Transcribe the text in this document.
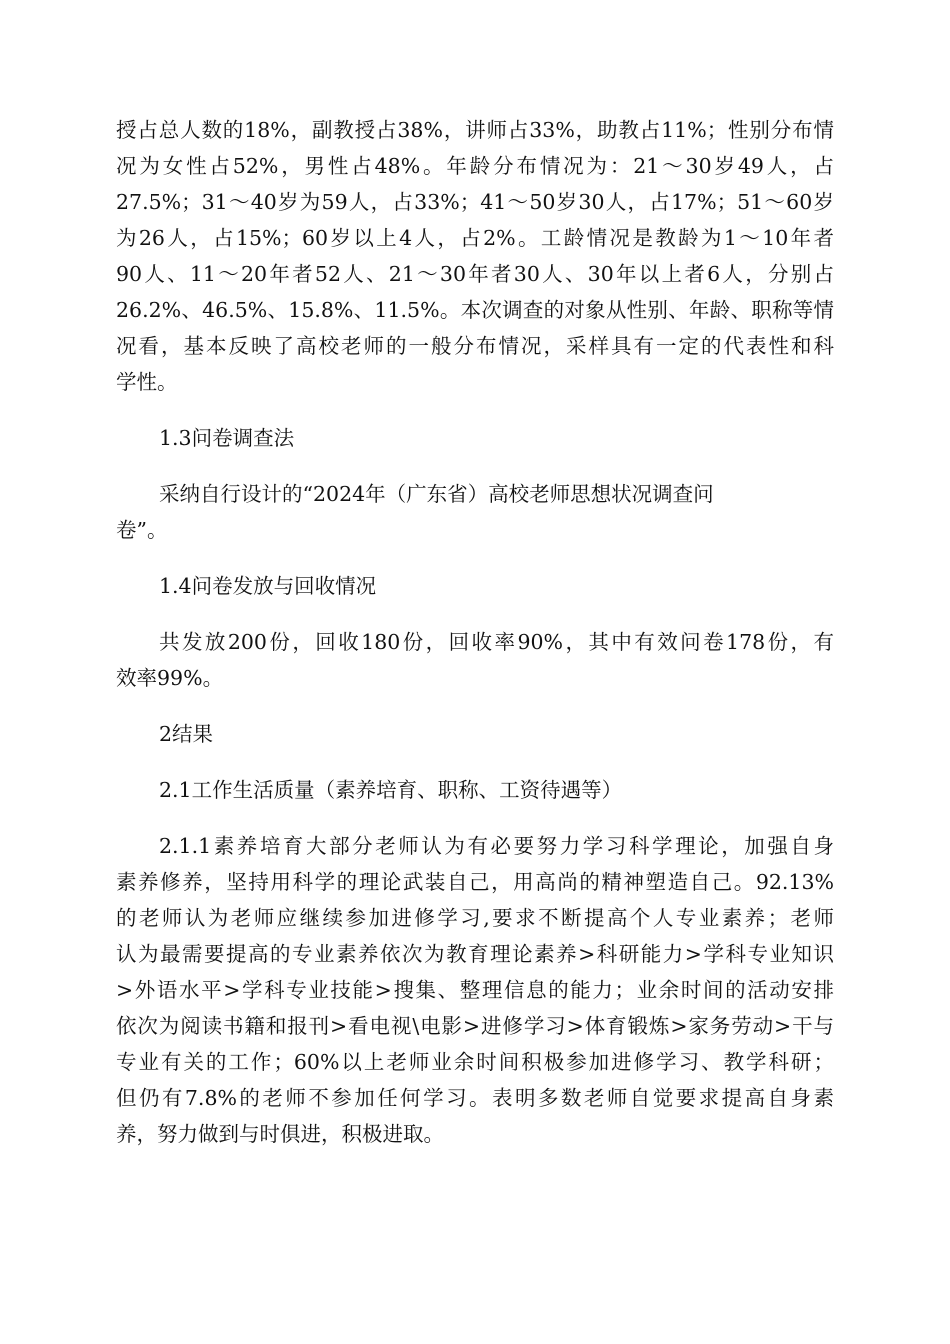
授占总人数的18%，副教授占38%，讲师占33%，助教占11%；性别分布情
况为女性占52%，男性占48%。年龄分布情况为：21～30岁49人，占
27.5%；31～40岁为59人，占33%；41～50岁30人，占17%；51～60岁
为26人，占15%；60岁以上4人，占2%。工龄情况是教龄为1～10年者
90人、11～20年者52人、21～30年者30人、30年以上者6人，分别占
26.2%、46.5%、15.8%、11.5%。本次调查的对象从性别、年龄、职称等情
况看，基本反映了高校老师的一般分布情况，采样具有一定的代表性和科
学性。
1.3问卷调查法
采纳自行设计的“2024年（广东省）高校老师思想状况调查问
卷”。
1.4问卷发放与回收情况
共发放200份，回收180份，回收率90%，其中有效问卷178份，有
效率99%。
2结果
2.1工作生活质量（素养培育、职称、工资待遇等）
2.1.1素养培育大部分老师认为有必要努力学习科学理论，加强自身
素养修养，坚持用科学的理论武装自己，用高尚的精神塑造自己。92.13%
的老师认为老师应继续参加进修学习,要求不断提高个人专业素养；老师
认为最需要提高的专业素养依次为教育理论素养>科研能力>学科专业知识
>外语水平>学科专业技能>搜集、整理信息的能力；业余时间的活动安排
依次为阅读书籍和报刊>看电视\电影>进修学习>体育锻炼>家务劳动>干与
专业有关的工作；60%以上老师业余时间积极参加进修学习、教学科研；
但仍有7.8%的老师不参加任何学习。表明多数老师自觉要求提高自身素
养，努力做到与时俱进，积极进取。
